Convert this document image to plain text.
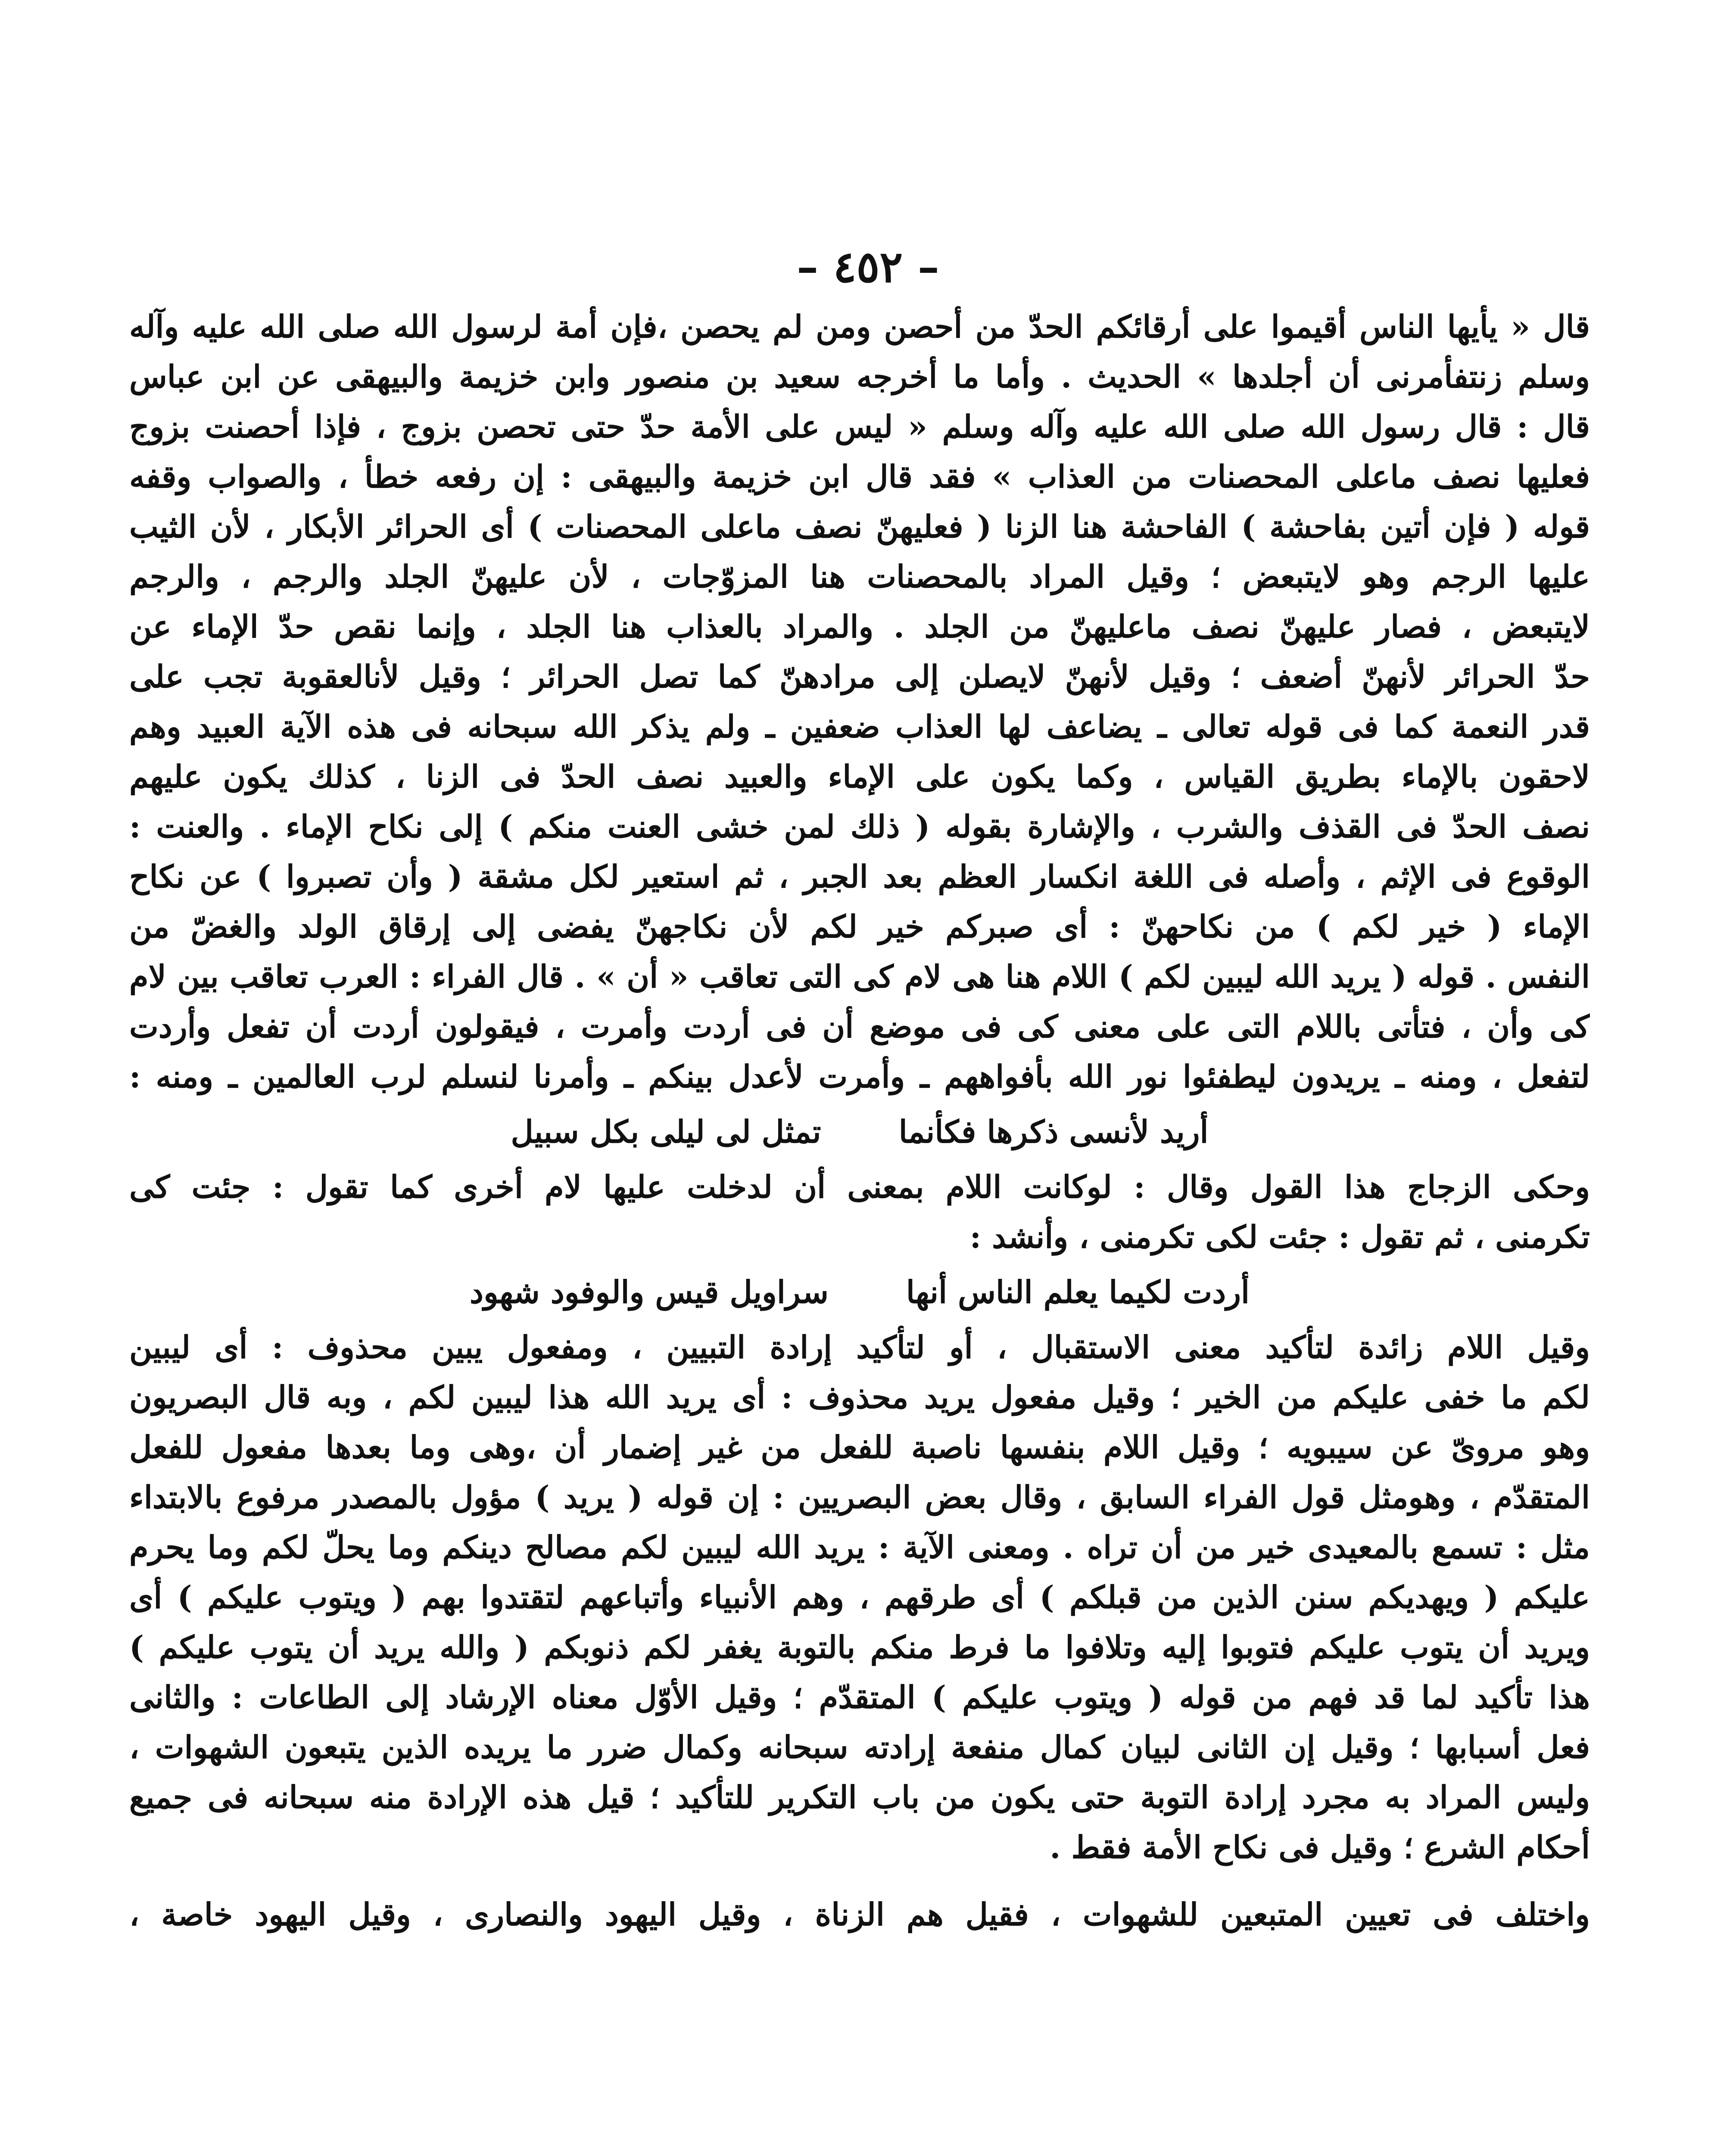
– ٤٥٢ –
قال « يأيها الناس أقيموا على أرقائكم الحدّ من أحصن ومن لم يحصن ،فإن أمة لرسول الله صلى الله عليه وآله
وسلم زنتفأمرنى أن أجلدها » الحديث . وأما ما أخرجه سعيد بن منصور وابن خزيمة والبيهقى عن ابن عباس
قال : قال رسول الله صلى الله عليه وآله وسلم « ليس على الأمة حدّ حتى تحصن بزوج ، فإذا أحصنت بزوج
فعليها نصف ماعلى المحصنات من العذاب » فقد قال ابن خزيمة والبيهقى : إن رفعه خطأ ، والصواب وقفه
قوله ( فإن أتين بفاحشة ) الفاحشة هنا الزنا ( فعليهنّ نصف ماعلى المحصنات ) أى الحرائر الأبكار ، لأن الثيب
عليها الرجم وهو لايتبعض ؛ وقيل المراد بالمحصنات هنا المزوّجات ، لأن عليهنّ الجلد والرجم ، والرجم
لايتبعض ، فصار عليهنّ نصف ماعليهنّ من الجلد . والمراد بالعذاب هنا الجلد ، وإنما نقص حدّ الإماء عن
حدّ الحرائر لأنهنّ أضعف ؛ وقيل لأنهنّ لايصلن إلى مرادهنّ كما تصل الحرائر ؛ وقيل لأنالعقوبة تجب على
قدر النعمة كما فى قوله تعالى ـ يضاعف لها العذاب ضعفين ـ ولم يذكر الله سبحانه فى هذه الآية العبيد وهم
لاحقون بالإماء بطريق القياس ، وكما يكون على الإماء والعبيد نصف الحدّ فى الزنا ، كذلك يكون عليهم
نصف الحدّ فى القذف والشرب ، والإشارة بقوله ( ذلك لمن خشى العنت منكم ) إلى نكاح الإماء . والعنت :
الوقوع فى الإثم ، وأصله فى اللغة انكسار العظم بعد الجبر ، ثم استعير لكل مشقة ( وأن تصبروا ) عن نكاح
الإماء ( خير لكم ) من نكاحهنّ : أى صبركم خير لكم لأن نكاجهنّ يفضى إلى إرقاق الولد والغضّ من
النفس . قوله ( يريد الله ليبين لكم ) اللام هنا هى لام كى التى تعاقب « أن » . قال الفراء : العرب تعاقب بين لام
كى وأن ، فتأتى باللام التى على معنى كى فى موضع أن فى أردت وأمرت ، فيقولون أردت أن تفعل وأردت
لتفعل ، ومنه ـ يريدون ليطفئوا نور الله بأفواههم ـ وأمرت لأعدل بينكم ـ وأمرنا لنسلم لرب العالمين ـ ومنه :
أريد لأنسى ذكرها فكأنما
تمثل لى ليلى بكل سبيل
وحكى الزجاج هذا القول وقال : لوكانت اللام بمعنى أن لدخلت عليها لام أخرى كما تقول : جئت كى
تكرمنى ، ثم تقول : جئت لكى تكرمنى ، وأنشد :
أردت لكيما يعلم الناس أنها
سراويل قيس والوفود شهود
وقيل اللام زائدة لتأكيد معنى الاستقبال ، أو لتأكيد إرادة التبيين ، ومفعول يبين محذوف : أى ليبين
لكم ما خفى عليكم من الخير ؛ وقيل مفعول يريد محذوف : أى يريد الله هذا ليبين لكم ، وبه قال البصريون
وهو مروىّ عن سيبويه ؛ وقيل اللام بنفسها ناصبة للفعل من غير إضمار أن ،وهى وما بعدها مفعول للفعل
المتقدّم ، وهومثل قول الفراء السابق ، وقال بعض البصريين : إن قوله ( يريد ) مؤول بالمصدر مرفوع بالابتداء
مثل : تسمع بالمعيدى خير من أن تراه . ومعنى الآية : يريد الله ليبين لكم مصالح دينكم وما يحلّ لكم وما يحرم
عليكم ( ويهديكم سنن الذين من قبلكم ) أى طرقهم ، وهم الأنبياء وأتباعهم لتقتدوا بهم ( ويتوب عليكم ) أى
ويريد أن يتوب عليكم فتوبوا إليه وتلافوا ما فرط منكم بالتوبة يغفر لكم ذنوبكم ( والله يريد أن يتوب عليكم )
هذا تأكيد لما قد فهم من قوله ( ويتوب عليكم ) المتقدّم ؛ وقيل الأوّل معناه الإرشاد إلى الطاعات : والثانى
فعل أسبابها ؛ وقيل إن الثانى لبيان كمال منفعة إرادته سبحانه وكمال ضرر ما يريده الذين يتبعون الشهوات ،
وليس المراد به مجرد إرادة التوبة حتى يكون من باب التكرير للتأكيد ؛ قيل هذه الإرادة منه سبحانه فى جميع
أحكام الشرع ؛ وقيل فى نكاح الأمة فقط .
واختلف فى تعيين المتبعين للشهوات ، فقيل هم الزناة ، وقيل اليهود والنصارى ، وقيل اليهود خاصة ،
